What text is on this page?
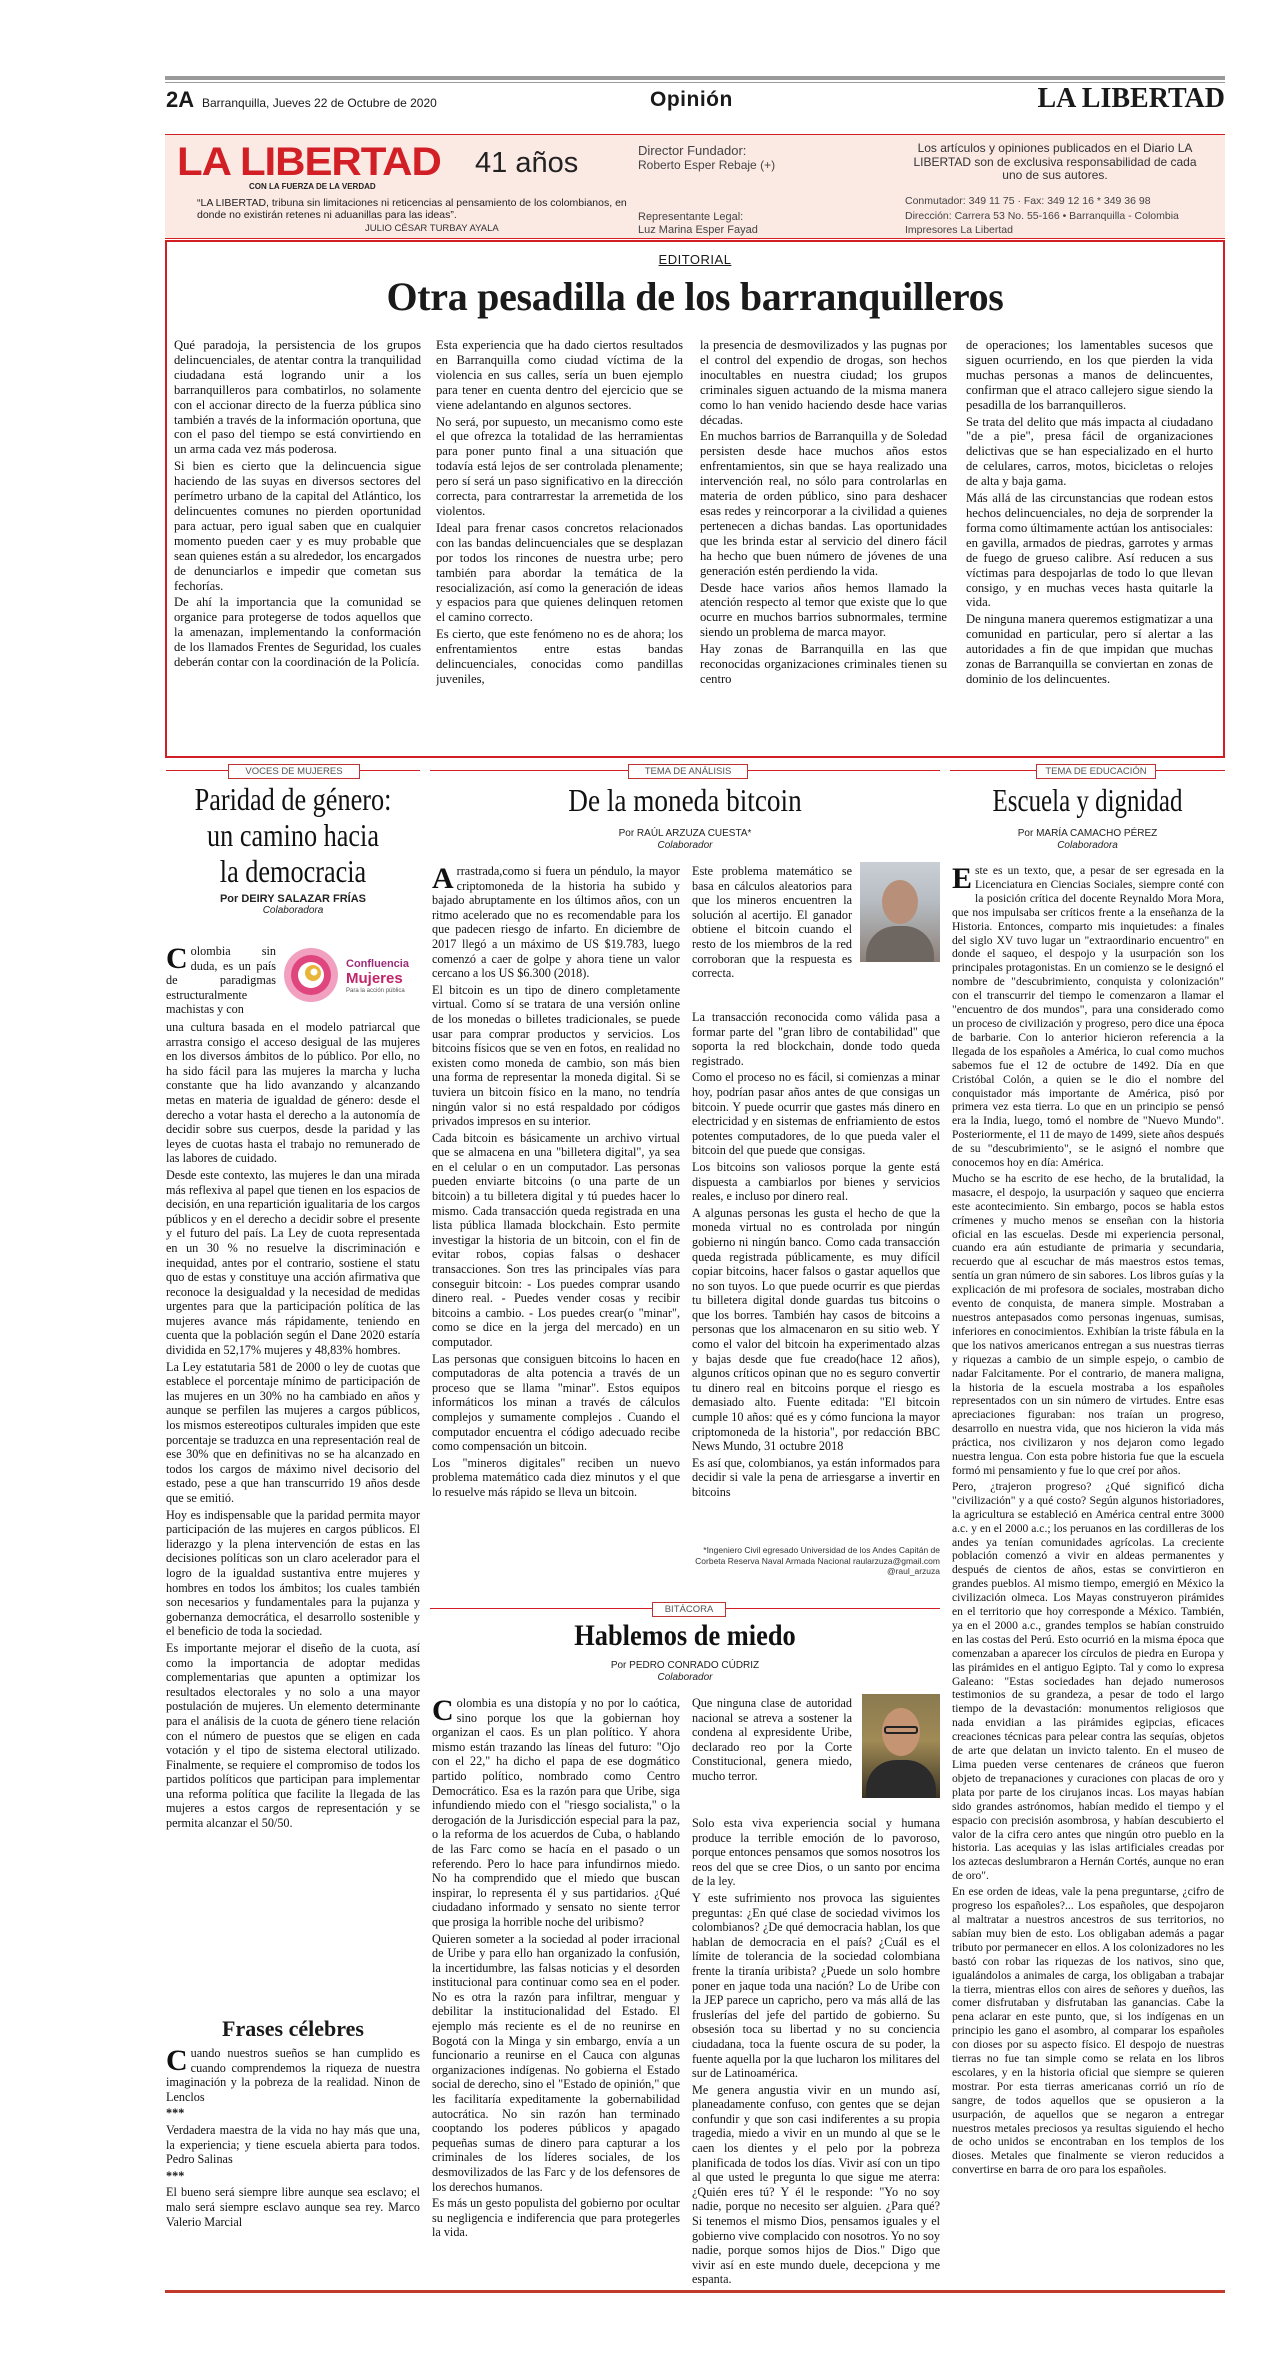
2A Barranquilla, Jueves 22 de Octubre de 2020	Opinión	LA LIBERTAD
LA LIBERTAD
CON LA FUERZA DE LA VERDAD
41 años
“LA LIBERTAD, tribuna sin limitaciones ni reticencias al pensamiento de los colombianos, en donde no existirán retenes ni aduanillas para las ideas”.
JULIO CÉSAR TURBAY AYALA
Director Fundador:
Roberto Esper Rebaje (+)
Representante Legal:
Luz Marina Esper Fayad
Los artículos y opiniones publicados en el Diario LA LIBERTAD son de exclusiva responsabilidad de cada uno de sus autores.
Conmutador: 349 11 75 · Fax: 349 12 16 * 349 36 98
Dirección: Carrera 53 No. 55-166 • Barranquilla - Colombia
Impresores La Libertad
EDITORIAL
Otra pesadilla de los barranquilleros

Qué paradoja, la persistencia de los grupos delincuenciales, de atentar contra la tranquilidad ciudadana está logrando unir a los barranquilleros para combatirlos, no solamente con el accionar directo de la fuerza pública sino también a través de la información oportuna, que con el paso del tiempo se está convirtiendo en un arma cada vez más poderosa.

Si bien es cierto que la delincuencia sigue haciendo de las suyas en diversos sectores del perímetro urbano de la capital del Atlántico, los delincuentes comunes no pierden oportunidad para actuar, pero igual saben que en cualquier momento pueden caer y es muy probable que sean quienes están a su alrededor, los encargados de denunciarlos e impedir que cometan sus fechorías.

De ahí la importancia que la comunidad se organice para protegerse de todos aquellos que la amenazan, implementando la conformación de los llamados Frentes de Seguridad, los cuales deberán contar con la coordinación de la Policía.

Esta experiencia que ha dado ciertos resultados en Barranquilla como ciudad víctima de la violencia en sus calles, sería un buen ejemplo para tener en cuenta dentro del ejercicio que se viene adelantando en algunos sectores.

No será, por supuesto, un mecanismo como este el que ofrezca la totalidad de las herramientas para poner punto final a una situación que todavía está lejos de ser controlada plenamente; pero sí será un paso significativo en la dirección correcta, para contrarrestar la arremetida de los violentos.

Ideal para frenar casos concretos relacionados con las bandas delincuenciales que se desplazan por todos los rincones de nuestra urbe; pero también para abordar la temática de la resocialización, así como la generación de ideas y espacios para que quienes delinquen retomen el camino correcto.

Es cierto, que este fenómeno no es de ahora; los enfrentamientos entre estas bandas delincuenciales, conocidas como pandillas juveniles,

la presencia de desmovilizados y las pugnas por el control del expendio de drogas, son hechos inocultables en nuestra ciudad; los grupos criminales siguen actuando de la misma manera como lo han venido haciendo desde hace varias décadas.

En muchos barrios de Barranquilla y de Soledad persisten desde hace muchos años estos enfrentamientos, sin que se haya realizado una intervención real, no sólo para controlarlas en materia de orden público, sino para deshacer esas redes y reincorporar a la civilidad a quienes pertenecen a dichas bandas. Las oportunidades que les brinda estar al servicio del dinero fácil ha hecho que buen número de jóvenes de una generación estén perdiendo la vida.

Desde hace varios años hemos llamado la atención respecto al temor que existe que lo que ocurre en muchos barrios subnormales, termine siendo un problema de marca mayor.

Hay zonas de Barranquilla en las que reconocidas organizaciones criminales tienen su centro

de operaciones; los lamentables sucesos que siguen ocurriendo, en los que pierden la vida muchas personas a manos de delincuentes, confirman que el atraco callejero sigue siendo la pesadilla de los barranquilleros.

Se trata del delito que más impacta al ciudadano "de a pie", presa fácil de organizaciones delictivas que se han especializado en el hurto de celulares, carros, motos, bicicletas o relojes de alta y baja gama.

Más allá de las circunstancias que rodean estos hechos delincuenciales, no deja de sorprender la forma como últimamente actúan los antisociales: en gavilla, armados de piedras, garrotes y armas de fuego de grueso calibre. Así reducen a sus víctimas para despojarlas de todo lo que llevan consigo, y en muchas veces hasta quitarle la vida.

De ninguna manera queremos estigmatizar a una comunidad en particular, pero sí alertar a las autoridades a fin de que impidan que muchas zonas de Barranquilla se conviertan en zonas de dominio de los delincuentes.

VOCES DE MUJERES
Paridad de género:
un camino hacia
la democracia
Por DEIRY SALAZAR FRÍAS
Colaboradora
Confluencia
Mujeres
Para la acción pública
Colombia sin duda, es un país de paradigmas estructuralmente machistas y con

una cultura basada en el modelo patriarcal que arrastra consigo el acceso desigual de las mujeres en los diversos ámbitos de lo público. Por ello, no ha sido fácil para las mujeres la marcha y lucha constante que ha lido avanzando y alcanzando metas en materia de igualdad de género: desde el derecho a votar hasta el derecho a la autonomía de decidir sobre sus cuerpos, desde la paridad y las leyes de cuotas hasta el trabajo no remunerado de las labores de cuidado.

Desde este contexto, las mujeres le dan una mirada más reflexiva al papel que tienen en los espacios de decisión, en una repartición igualitaria de los cargos públicos y en el derecho a decidir sobre el presente y el futuro del país. La Ley de cuota representada en un 30 % no resuelve la discriminación e inequidad, antes por el contrario, sostiene el statu quo de estas y constituye una acción afirmativa que reconoce la desigualdad y la necesidad de medidas urgentes para que la participación política de las mujeres avance más rápidamente, teniendo en cuenta que la población según el Dane 2020 estaría dividida en 52,17% mujeres y 48,83% hombres.

La Ley estatutaria 581 de 2000 o ley de cuotas que establece el porcentaje mínimo de participación de las mujeres en un 30% no ha cambiado en años y aunque se perfilen las mujeres a cargos públicos, los mismos estereotipos culturales impiden que este porcentaje se traduzca en una representación real de ese 30% que en definitivas no se ha alcanzado en todos los cargos de máximo nivel decisorio del estado, pese a que han transcurrido 19 años desde que se emitió.

Hoy es indispensable que la paridad permita mayor participación de las mujeres en cargos públicos. El liderazgo y la plena intervención de estas en las decisiones políticas son un claro acelerador para el logro de la igualdad sustantiva entre mujeres y hombres en todos los ámbitos; los cuales también son necesarios y fundamentales para la pujanza y gobernanza democrática, el desarrollo sostenible y el beneficio de toda la sociedad.

Es importante mejorar el diseño de la cuota, así como la importancia de adoptar medidas complementarias que apunten a optimizar los resultados electorales y no solo a una mayor postulación de mujeres. Un elemento determinante para el análisis de la cuota de género tiene relación con el número de puestos que se eligen en cada votación y el tipo de sistema electoral utilizado. Finalmente, se requiere el compromiso de todos los partidos políticos que participan para implementar una reforma política que facilite la llegada de las mujeres a estos cargos de representación y se permita alcanzar el 50/50.

Frases célebres

Cuando nuestros sueños se han cumplido es cuando comprendemos la riqueza de nuestra imaginación y la pobreza de la realidad. Ninon de Lenclos

***

Verdadera maestra de la vida no hay más que una, la experiencia; y tiene escuela abierta para todos. Pedro Salinas

***

El bueno será siempre libre aunque sea esclavo; el malo será siempre esclavo aunque sea rey. Marco Valerio Marcial

TEMA DE ANÁLISIS
De la moneda bitcoin
Por RAÚL ARZUZA CUESTA*
Colaborador

Arrastrada,como si fuera un péndulo, la mayor criptomoneda de la historia ha subido y bajado abruptamente en los últimos años, con un ritmo acelerado que no es recomendable para los que padecen riesgo de infarto. En diciembre de 2017 llegó a un máximo de US $19.783, luego comenzó a caer de golpe y ahora tiene un valor cercano a los US $6.300 (2018).

El bitcoin es un tipo de dinero completamente virtual. Como sí se tratara de una versión online de los monedas o billetes tradicionales, se puede usar para comprar productos y servicios. Los bitcoins físicos que se ven en fotos, en realidad no existen como moneda de cambio, son más bien una forma de representar la moneda digital. Si se tuviera un bitcoin físico en la mano, no tendría ningún valor si no está respaldado por códigos privados impresos en su interior.

Cada bitcoin es básicamente un archivo virtual que se almacena en una "billetera digital", ya sea en el celular o en un computador. Las personas pueden enviarte bitcoins (o una parte de un bitcoin) a tu billetera digital y tú puedes hacer lo mismo. Cada transacción queda registrada en una lista pública llamada blockchain. Esto permite investigar la historia de un bitcoin, con el fin de evitar robos, copias falsas o deshacer transacciones. Son tres las principales vías para conseguir bitcoin: - Los puedes comprar usando dinero real. - Puedes vender cosas y recibir bitcoins a cambio. - Los puedes crear(o "minar", como se dice en la jerga del mercado) en un computador.

Las personas que consiguen bitcoins lo hacen en computadoras de alta potencia a través de un proceso que se llama "minar". Estos equipos informáticos los minan a través de cálculos complejos y sumamente complejos . Cuando el computador encuentra el código adecuado recibe como compensación un bitcoin.

Los "mineros digitales" reciben un nuevo problema matemático cada diez minutos y el que lo resuelve más rápido se lleva un bitcoin.

Este problema matemático se basa en cálculos aleatorios para que los mineros encuentren la solución al acertijo. El ganador obtiene el bitcoin cuando el resto de los miembros de la red corroboran que la respuesta es correcta.

La transacción reconocida como válida pasa a formar parte del "gran libro de contabilidad" que soporta la red blockchain, donde todo queda registrado.

Como el proceso no es fácil, si comienzas a minar hoy, podrían pasar años antes de que consigas un bitcoin. Y puede ocurrir que gastes más dinero en electricidad y en sistemas de enfriamiento de estos potentes computadores, de lo que pueda valer el bitcoin del que puede que consigas.

Los bitcoins son valiosos porque la gente está dispuesta a cambiarlos por bienes y servicios reales, e incluso por dinero real.

A algunas personas les gusta el hecho de que la moneda virtual no es controlada por ningún gobierno ni ningún banco. Como cada transacción queda registrada públicamente, es muy difícil copiar bitcoins, hacer falsos o gastar aquellos que no son tuyos. Lo que puede ocurrir es que pierdas tu billetera digital donde guardas tus bitcoins o que los borres. También hay casos de bitcoins a personas que los almacenaron en su sitio web. Y como el valor del bitcoin ha experimentado alzas y bajas desde que fue creado(hace 12 años), algunos críticos opinan que no es seguro convertir tu dinero real en bitcoins porque el riesgo es demasiado alto. Fuente editada: "El bitcoin cumple 10 años: qué es y cómo funciona la mayor criptomoneda de la historia", por redacción BBC News Mundo, 31 octubre 2018

Es así que, colombianos, ya están informados para decidir si vale la pena de arriesgarse a invertir en bitcoins

*Ingeniero Civil egresado Universidad de los Andes Capitán de Corbeta Reserva Naval Armada Nacional raularzuza@gmail.com @raul_arzuza
BITÁCORA
Hablemos de miedo
Por PEDRO CONRADO CÚDRIZ
Colaborador

Colombia es una distopía y no por lo caótica, sino porque los que la gobiernan hoy organizan el caos. Es un plan político. Y ahora mismo están trazando las líneas del futuro: "Ojo con el 22," ha dicho el papa de ese dogmático partido político, nombrado como Centro Democrático. Esa es la razón para que Uribe, siga infundiendo miedo con el "riesgo socialista," o la derogación de la Jurisdicción especial para la paz, o la reforma de los acuerdos de Cuba, o hablando de las Farc como se hacía en el pasado o un referendo. Pero lo hace para infundirnos miedo. No ha comprendido que el miedo que buscan inspirar, lo representa él y sus partidarios. ¿Qué ciudadano informado y sensato no siente terror que prosiga la horrible noche del uribismo?

Quieren someter a la sociedad al poder irracional de Uribe y para ello han organizado la confusión, la incertidumbre, las falsas noticias y el desorden institucional para continuar como sea en el poder. No es otra la razón para infiltrar, menguar y debilitar la institucionalidad del Estado. El ejemplo más reciente es el de no reunirse en Bogotá con la Minga y sin embargo, envía a un funcionario a reunirse en el Cauca con algunas organizaciones indígenas. No gobierna el Estado social de derecho, sino el "Estado de opinión," que les facilitaría expeditamente la gobernabilidad autocrática. No sin razón han terminado cooptando los poderes públicos y apagado pequeñas sumas de dinero para capturar a los criminales de los líderes sociales, de los desmovilizados de las Farc y de los defensores de los derechos humanos.

Es más un gesto populista del gobierno por ocultar su negligencia e indiferencia que para protegerles la vida.

Que ninguna clase de autoridad nacional se atreva a sostener la condena al expresidente Uribe, declarado reo por la Corte Constitucional, genera miedo, mucho terror.

Solo esta viva experiencia social y humana produce la terrible emoción de lo pavoroso, porque entonces pensamos que somos nosotros los reos del que se cree Dios, o un santo por encima de la ley.

Y este sufrimiento nos provoca las siguientes preguntas: ¿En qué clase de sociedad vivimos los colombianos? ¿De qué democracia hablan, los que hablan de democracia en el país? ¿Cuál es el límite de tolerancia de la sociedad colombiana frente la tiranía uribista? ¿Puede un solo hombre poner en jaque toda una nación? Lo de Uribe con la JEP parece un capricho, pero va más allá de las fruslerías del jefe del partido de gobierno. Su obsesión toca su libertad y no su conciencia ciudadana, toca la fuente oscura de su poder, la fuente aquella por la que lucharon los militares del sur de Latinoamérica.

Me genera angustia vivir en un mundo así, planeadamente confuso, con gentes que se dejan confundir y que son casi indiferentes a su propia tragedia, miedo a vivir en un mundo al que se le caen los dientes y el pelo por la pobreza planificada de todos los días. Vivir así con un tipo al que usted le pregunta lo que sigue me aterra: ¿Quién eres tú? Y él le responde: "Yo no soy nadie, porque no necesito ser alguien. ¿Para qué? Si tenemos el mismo Dios, pensamos iguales y el gobierno vive complacido con nosotros. Yo no soy nadie, porque somos hijos de Dios." Digo que vivir así en este mundo duele, decepciona y me espanta.

TEMA DE EDUCACIÓN
Escuela y dignidad
Por MARÍA CAMACHO PÉREZ
Colaboradora

Este es un texto, que, a pesar de ser egresada en la Licenciatura en Ciencias Sociales, siempre conté con la posición crítica del docente Reynaldo Mora Mora, que nos impulsaba ser críticos frente a la enseñanza de la Historia. Entonces, comparto mis inquietudes: a finales del siglo XV tuvo lugar un "extraordinario encuentro" en donde el saqueo, el despojo y la usurpación son los principales protagonistas. En un comienzo se le designó el nombre de "descubrimiento, conquista y colonización" con el transcurrir del tiempo le comenzaron a llamar el "encuentro de dos mundos", para una considerado como un proceso de civilización y progreso, pero dice una época de barbarie. Con lo anterior hicieron referencia a la llegada de los españoles a América, lo cual como muchos sabemos fue el 12 de octubre de 1492. Día en que Cristóbal Colón, a quien se le dio el nombre del conquistador más importante de América, pisó por primera vez esta tierra. Lo que en un principio se pensó era la India, luego, tomó el nombre de "Nuevo Mundo". Posteriormente, el 11 de mayo de 1499, siete años después de su "descubrimiento", se le asignó el nombre que conocemos hoy en día: América.

Mucho se ha escrito de ese hecho, de la brutalidad, la masacre, el despojo, la usurpación y saqueo que encierra este acontecimiento. Sin embargo, pocos se habla estos crímenes y mucho menos se enseñan con la historia oficial en las escuelas. Desde mi experiencia personal, cuando era aún estudiante de primaria y secundaria, recuerdo que al escuchar de más maestros estos temas, sentía un gran número de sin sabores. Los libros guías y la explicación de mi profesora de sociales, mostraban dicho evento de conquista, de manera simple. Mostraban a nuestros antepasados como personas ingenuas, sumisas, inferiores en conocimientos. Exhibían la triste fábula en la que los nativos americanos entregan a sus nuestras tierras y riquezas a cambio de un simple espejo, o cambio de nadar Falcitamente. Por el contrario, de manera maligna, la historia de la escuela mostraba a los españoles representados con un sin número de virtudes. Entre esas apreciaciones figuraban: nos traían un progreso, desarrollo en nuestra vida, que nos hicieron la vida más práctica, nos civilizaron y nos dejaron como legado nuestra lengua. Con esta pobre historia fue que la escuela formó mi pensamiento y fue lo que creí por años.

Pero, ¿trajeron progreso? ¿Qué significó dicha "civilización" y a qué costo? Según algunos historiadores, la agricultura se estableció en América central entre 3000 a.c. y en el 2000 a.c.; los peruanos en las cordilleras de los andes ya tenían comunidades agrícolas. La creciente población comenzó a vivir en aldeas permanentes y después de cientos de años, estas se convirtieron en grandes pueblos. Al mismo tiempo, emergió en México la civilización olmeca. Los Mayas construyeron pirámides en el territorio que hoy corresponde a México. También, ya en el 2000 a.c., grandes templos se habían construido en las costas del Perú. Esto ocurrió en la misma época que comenzaban a aparecer los círculos de piedra en Europa y las pirámides en el antiguo Egipto. Tal y como lo expresa Galeano: "Estas sociedades han dejado numerosos testimonios de su grandeza, a pesar de todo el largo tiempo de la devastación: monumentos religiosos que nada envidian a las pirámides egipcias, eficaces creaciones técnicas para pelear contra las sequías, objetos de arte que delatan un invicto talento. En el museo de Lima pueden verse centenares de cráneos que fueron objeto de trepanaciones y curaciones con placas de oro y plata por parte de los cirujanos incas. Los mayas habían sido grandes astrónomos, habían medido el tiempo y el espacio con precisión asombrosa, y habían descubierto el valor de la cifra cero antes que ningún otro pueblo en la historia. Las acequias y las islas artificiales creadas por los aztecas deslumbraron a Hernán Cortés, aunque no eran de oro".

En ese orden de ideas, vale la pena preguntarse, ¿cifro de progreso los españoles?... Los españoles, que despojaron al maltratar a nuestros ancestros de sus territorios, no sabían muy bien de esto. Los obligaban además a pagar tributo por permanecer en ellos. A los colonizadores no les bastó con robar las riquezas de los nativos, sino que, igualándolos a animales de carga, los obligaban a trabajar la tierra, mientras ellos con aires de señores y dueños, las comer disfrutaban y disfrutaban las ganancias. Cabe la pena aclarar en este punto, que, si los indígenas en un principio les gano el asombro, al comparar los españoles con dioses por su aspecto físico. El despojo de nuestras tierras no fue tan simple como se relata en los libros escolares, y en la historia oficial que siempre se quieren mostrar. Por esta tierras americanas corrió un río de sangre, de todos aquellos que se opusieron a la usurpación, de aquellos que se negaron a entregar nuestros metales preciosos ya resultas siguiendo el hecho de ocho unidos se encontraban en los templos de los dioses. Metales que finalmente se vieron reducidos a convertirse en barra de oro para los españoles.
